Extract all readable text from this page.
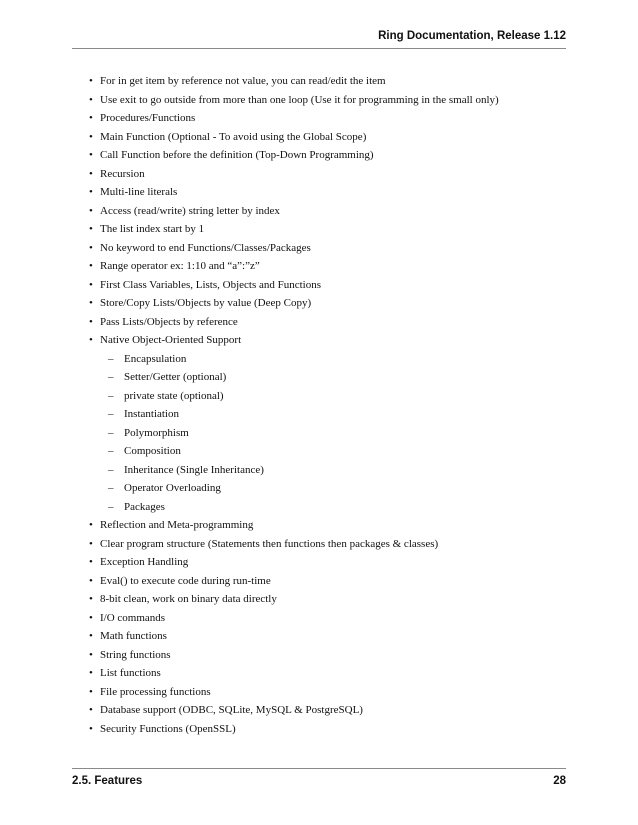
Ring Documentation, Release 1.12
• For in get item by reference not value, you can read/edit the item
• Use exit to go outside from more than one loop (Use it for programming in the small only)
• Procedures/Functions
• Main Function (Optional - To avoid using the Global Scope)
• Call Function before the definition (Top-Down Programming)
• Recursion
• Multi-line literals
• Access (read/write) string letter by index
• The list index start by 1
• No keyword to end Functions/Classes/Packages
• Range operator ex: 1:10 and “a”:”z”
• First Class Variables, Lists, Objects and Functions
• Store/Copy Lists/Objects by value (Deep Copy)
• Pass Lists/Objects by reference
• Native Object-Oriented Support
– Encapsulation
– Setter/Getter (optional)
– private state (optional)
– Instantiation
– Polymorphism
– Composition
– Inheritance (Single Inheritance)
– Operator Overloading
– Packages
• Reflection and Meta-programming
• Clear program structure (Statements then functions then packages & classes)
• Exception Handling
• Eval() to execute code during run-time
• 8-bit clean, work on binary data directly
• I/O commands
• Math functions
• String functions
• List functions
• File processing functions
• Database support (ODBC, SQLite, MySQL & PostgreSQL)
• Security Functions (OpenSSL)
2.5. Features	28
